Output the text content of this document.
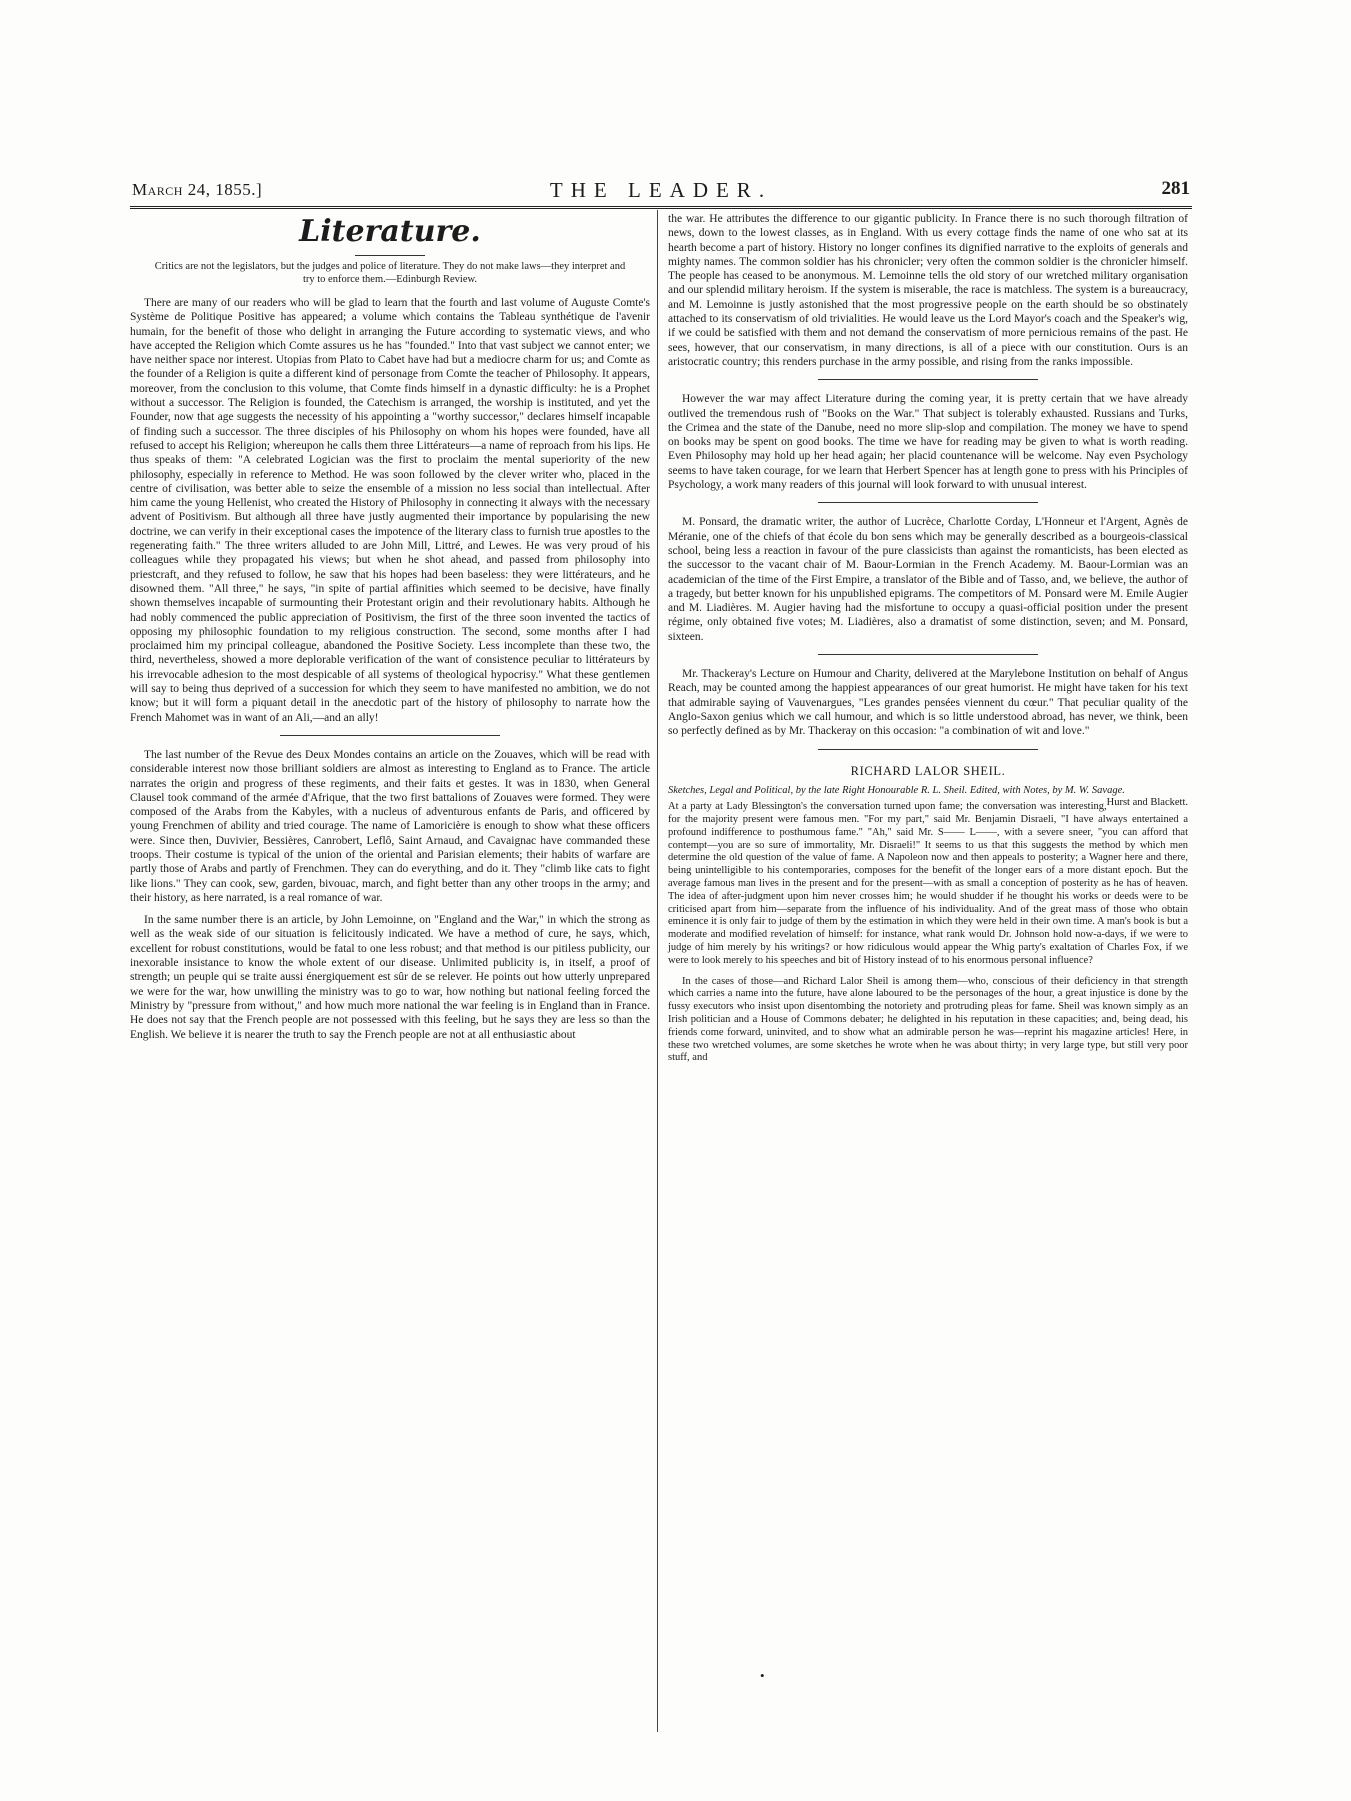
March 24, 1855.]	THE LEADER.	281
Literature.
Critics are not the legislators, but the judges and police of literature. They do not make laws—they interpret and try to enforce them.—Edinburgh Review.

There are many of our readers who will be glad to learn that the fourth and last volume of Auguste Comte's Système de Politique Positive has appeared; a volume which contains the Tableau synthétique de l'avenir humain, for the benefit of those who delight in arranging the Future according to systematic views, and who have accepted the Religion which Comte assures us he has "founded." Into that vast subject we cannot enter; we have neither space nor interest. Utopias from Plato to Cabet have had but a mediocre charm for us; and Comte as the founder of a Religion is quite a different kind of personage from Comte the teacher of Philosophy. It appears, moreover, from the conclusion to this volume, that Comte finds himself in a dynastic difficulty: he is a Prophet without a successor. The Religion is founded, the Catechism is arranged, the worship is instituted, and yet the Founder, now that age suggests the necessity of his appointing a "worthy successor," declares himself incapable of finding such a successor. The three disciples of his Philosophy on whom his hopes were founded, have all refused to accept his Religion; whereupon he calls them three Littérateurs—a name of reproach from his lips. He thus speaks of them: "A celebrated Logician was the first to proclaim the mental superiority of the new philosophy, especially in reference to Method. He was soon followed by the clever writer who, placed in the centre of civilisation, was better able to seize the ensemble of a mission no less social than intellectual. After him came the young Hellenist, who created the History of Philosophy in connecting it always with the necessary advent of Positivism. But although all three have justly augmented their importance by popularising the new doctrine, we can verify in their exceptional cases the impotence of the literary class to furnish true apostles to the regenerating faith." The three writers alluded to are John Mill, Littré, and Lewes. He was very proud of his colleagues while they propagated his views; but when he shot ahead, and passed from philosophy into priestcraft, and they refused to follow, he saw that his hopes had been baseless: they were littérateurs, and he disowned them. "All three," he says, "in spite of partial affinities which seemed to be decisive, have finally shown themselves incapable of surmounting their Protestant origin and their revolutionary habits. Although he had nobly commenced the public appreciation of Positivism, the first of the three soon invented the tactics of opposing my philosophic foundation to my religious construction. The second, some months after I had proclaimed him my principal colleague, abandoned the Positive Society. Less incomplete than these two, the third, nevertheless, showed a more deplorable verification of the want of consistence peculiar to littérateurs by his irrevocable adhesion to the most despicable of all systems of theological hypocrisy." What these gentlemen will say to being thus deprived of a succession for which they seem to have manifested no ambition, we do not know; but it will form a piquant detail in the anecdotic part of the history of philosophy to narrate how the French Mahomet was in want of an Ali,—and an ally!

The last number of the Revue des Deux Mondes contains an article on the Zouaves, which will be read with considerable interest now those brilliant soldiers are almost as interesting to England as to France. The article narrates the origin and progress of these regiments, and their faits et gestes. It was in 1830, when General Clausel took command of the armée d'Afrique, that the two first battalions of Zouaves were formed. They were composed of the Arabs from the Kabyles, with a nucleus of adventurous enfants de Paris, and officered by young Frenchmen of ability and tried courage. The name of Lamoricière is enough to show what these officers were. Since then, Duvivier, Bessières, Canrobert, Leflô, Saint Arnaud, and Cavaignac have commanded these troops. Their costume is typical of the union of the oriental and Parisian elements; their habits of warfare are partly those of Arabs and partly of Frenchmen. They can do everything, and do it. They "climb like cats to fight like lions." They can cook, sew, garden, bivouac, march, and fight better than any other troops in the army; and their history, as here narrated, is a real romance of war.

In the same number there is an article, by John Lemoinne, on "England and the War," in which the strong as well as the weak side of our situation is felicitously indicated. We have a method of cure, he says, which, excellent for robust constitutions, would be fatal to one less robust; and that method is our pitiless publicity, our inexorable insistance to know the whole extent of our disease. Unlimited publicity is, in itself, a proof of strength; un peuple qui se traite aussi énergiquement est sûr de se relever. He points out how utterly unprepared we were for the war, how unwilling the ministry was to go to war, how nothing but national feeling forced the Ministry by "pressure from without," and how much more national the war feeling is in England than in France. He does not say that the French people are not possessed with this feeling, but he says they are less so than the English. We believe it is nearer the truth to say the French people are not at all enthusiastic about

the war. He attributes the difference to our gigantic publicity. In France there is no such thorough filtration of news, down to the lowest classes, as in England. With us every cottage finds the name of one who sat at its hearth become a part of history. History no longer confines its dignified narrative to the exploits of generals and mighty names. The common soldier has his chronicler; very often the common soldier is the chronicler himself. The people has ceased to be anonymous. M. Lemoinne tells the old story of our wretched military organisation and our splendid military heroism. If the system is miserable, the race is matchless. The system is a bureaucracy, and M. Lemoinne is justly astonished that the most progressive people on the earth should be so obstinately attached to its conservatism of old trivialities. He would leave us the Lord Mayor's coach and the Speaker's wig, if we could be satisfied with them and not demand the conservatism of more pernicious remains of the past. He sees, however, that our conservatism, in many directions, is all of a piece with our constitution. Ours is an aristocratic country; this renders purchase in the army possible, and rising from the ranks impossible.

However the war may affect Literature during the coming year, it is pretty certain that we have already outlived the tremendous rush of "Books on the War." That subject is tolerably exhausted. Russians and Turks, the Crimea and the state of the Danube, need no more slip-slop and compilation. The money we have to spend on books may be spent on good books. The time we have for reading may be given to what is worth reading. Even Philosophy may hold up her head again; her placid countenance will be welcome. Nay even Psychology seems to have taken courage, for we learn that Herbert Spencer has at length gone to press with his Principles of Psychology, a work many readers of this journal will look forward to with unusual interest.

M. Ponsard, the dramatic writer, the author of Lucrèce, Charlotte Corday, L'Honneur et l'Argent, Agnès de Méranie, one of the chiefs of that école du bon sens which may be generally described as a bourgeois-classical school, being less a reaction in favour of the pure classicists than against the romanticists, has been elected as the successor to the vacant chair of M. Baour-Lormian in the French Academy. M. Baour-Lormian was an academician of the time of the First Empire, a translator of the Bible and of Tasso, and, we believe, the author of a tragedy, but better known for his unpublished epigrams. The competitors of M. Ponsard were M. Emile Augier and M. Liadières. M. Augier having had the misfortune to occupy a quasi-official position under the present régime, only obtained five votes; M. Liadières, also a dramatist of some distinction, seven; and M. Ponsard, sixteen.

Mr. Thackeray's Lecture on Humour and Charity, delivered at the Marylebone Institution on behalf of Angus Reach, may be counted among the happiest appearances of our great humorist. He might have taken for his text that admirable saying of Vauvenargues, "Les grandes pensées viennent du cœur." That peculiar quality of the Anglo-Saxon genius which we call humour, and which is so little understood abroad, has never, we think, been so perfectly defined as by Mr. Thackeray on this occasion: "a combination of wit and love."

RICHARD LALOR SHEIL.
Sketches, Legal and Political, by the late Right Honourable R. L. Sheil. Edited, with Notes, by M. W. Savage.
Hurst and Blackett.

At a party at Lady Blessington's the conversation turned upon fame; the conversation was interesting, for the majority present were famous men. "For my part," said Mr. Benjamin Disraeli, "I have always entertained a profound indifference to posthumous fame." "Ah," said Mr. S—— L——, with a severe sneer, "you can afford that contempt—you are so sure of immortality, Mr. Disraeli!" It seems to us that this suggests the method by which men determine the old question of the value of fame. A Napoleon now and then appeals to posterity; a Wagner here and there, being unintelligible to his contemporaries, composes for the benefit of the longer ears of a more distant epoch. But the average famous man lives in the present and for the present—with as small a conception of posterity as he has of heaven. The idea of after-judgment upon him never crosses him; he would shudder if he thought his works or deeds were to be criticised apart from him—separate from the influence of his individuality. And of the great mass of those who obtain eminence it is only fair to judge of them by the estimation in which they were held in their own time. A man's book is but a moderate and modified revelation of himself: for instance, what rank would Dr. Johnson hold now-a-days, if we were to judge of him merely by his writings? or how ridiculous would appear the Whig party's exaltation of Charles Fox, if we were to look merely to his speeches and bit of History instead of to his enormous personal influence?

In the cases of those—and Richard Lalor Sheil is among them—who, conscious of their deficiency in that strength which carries a name into the future, have alone laboured to be the personages of the hour, a great injustice is done by the fussy executors who insist upon disentombing the notoriety and protruding pleas for fame. Sheil was known simply as an Irish politician and a House of Commons debater; he delighted in his reputation in these capacities; and, being dead, his friends come forward, uninvited, and to show what an admirable person he was—reprint his magazine articles! Here, in these two wretched volumes, are some sketches he wrote when he was about thirty; in very large type, but still very poor stuff, and

•
